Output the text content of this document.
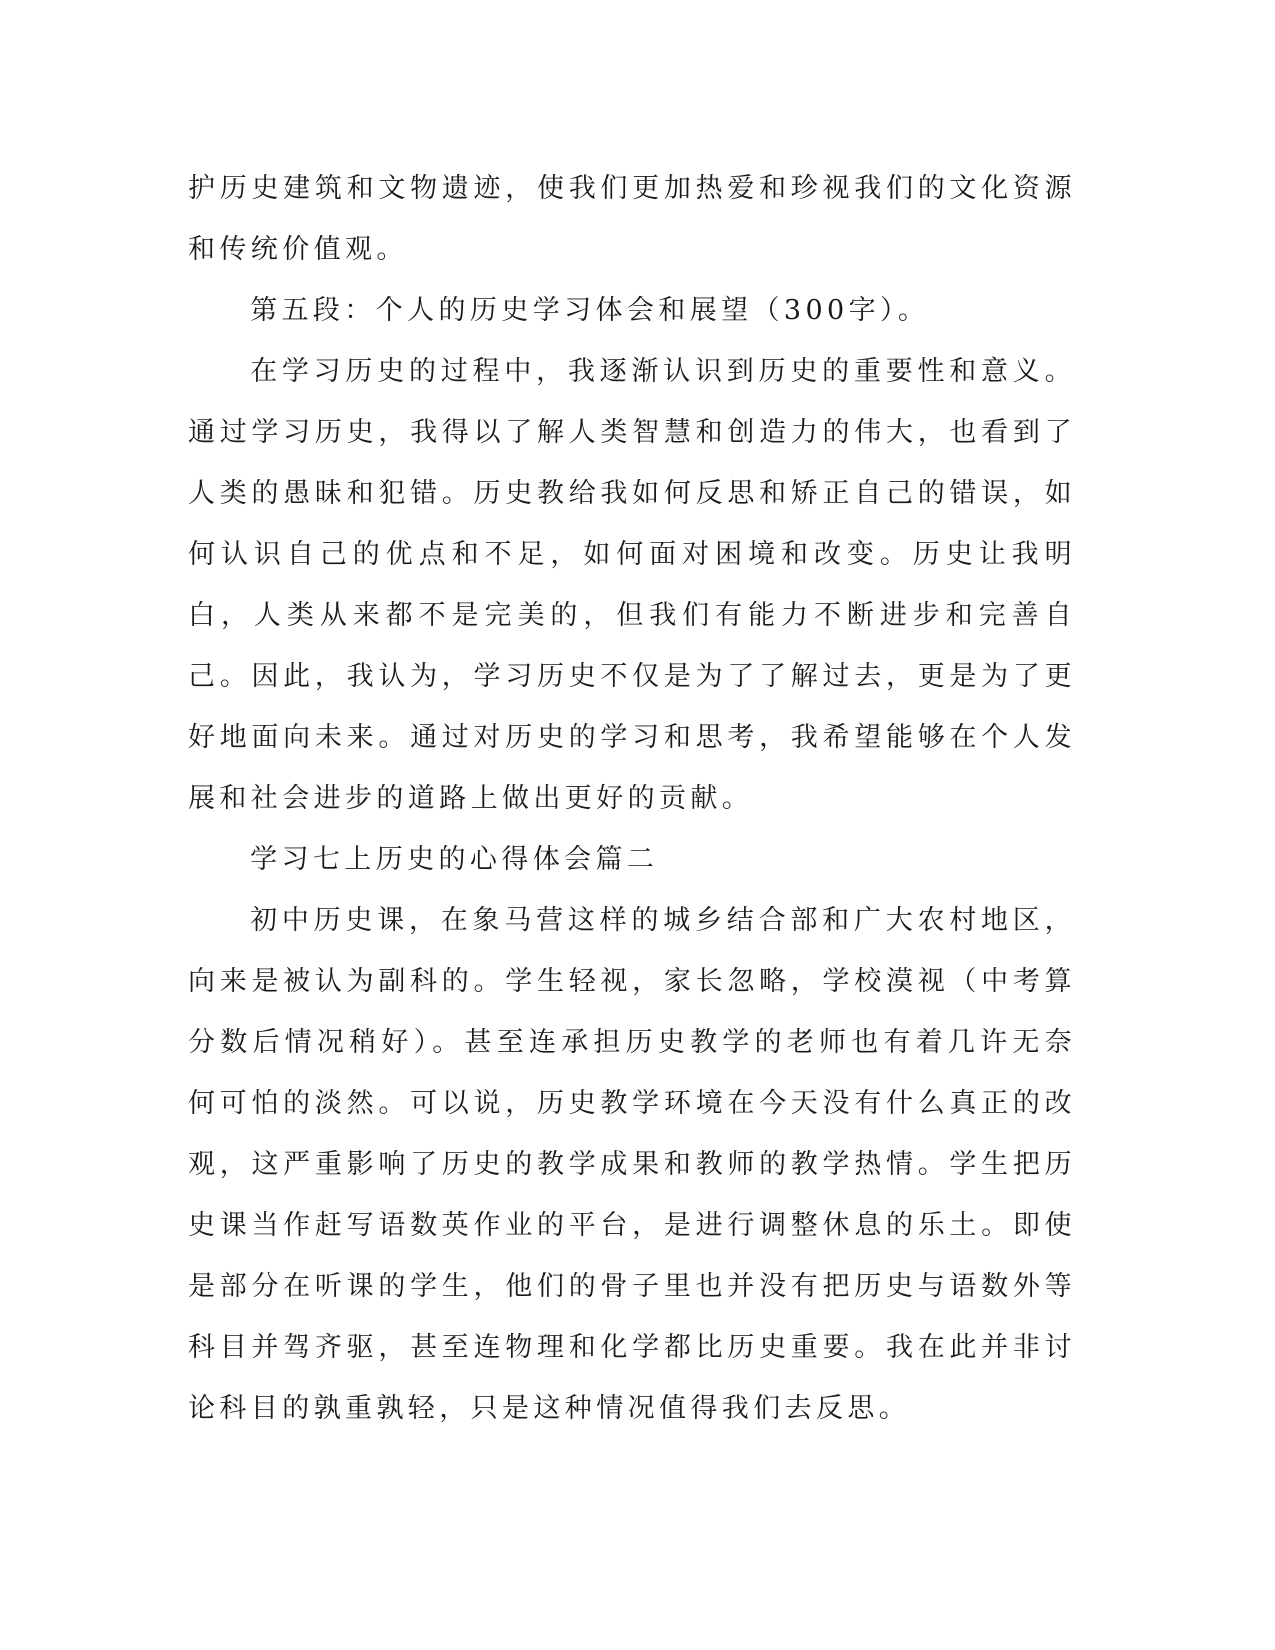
护历史建筑和文物遗迹，使我们更加热爱和珍视我们的文化资源和传统价值观。

第五段：个人的历史学习体会和展望（300字）。

在学习历史的过程中，我逐渐认识到历史的重要性和意义。通过学习历史，我得以了解人类智慧和创造力的伟大，也看到了人类的愚昧和犯错。历史教给我如何反思和矫正自己的错误，如何认识自己的优点和不足，如何面对困境和改变。历史让我明白，人类从来都不是完美的，但我们有能力不断进步和完善自己。因此，我认为，学习历史不仅是为了了解过去，更是为了更好地面向未来。通过对历史的学习和思考，我希望能够在个人发展和社会进步的道路上做出更好的贡献。

学习七上历史的心得体会篇二

初中历史课，在象马营这样的城乡结合部和广大农村地区，向来是被认为副科的。学生轻视，家长忽略，学校漠视（中考算分数后情况稍好）。甚至连承担历史教学的老师也有着几许无奈何可怕的淡然。可以说，历史教学环境在今天没有什么真正的改观，这严重影响了历史的教学成果和教师的教学热情。学生把历史课当作赶写语数英作业的平台，是进行调整休息的乐土。即使是部分在听课的学生，他们的骨子里也并没有把历史与语数外等科目并驾齐驱，甚至连物理和化学都比历史重要。我在此并非讨论科目的孰重孰轻，只是这种情况值得我们去反思。
